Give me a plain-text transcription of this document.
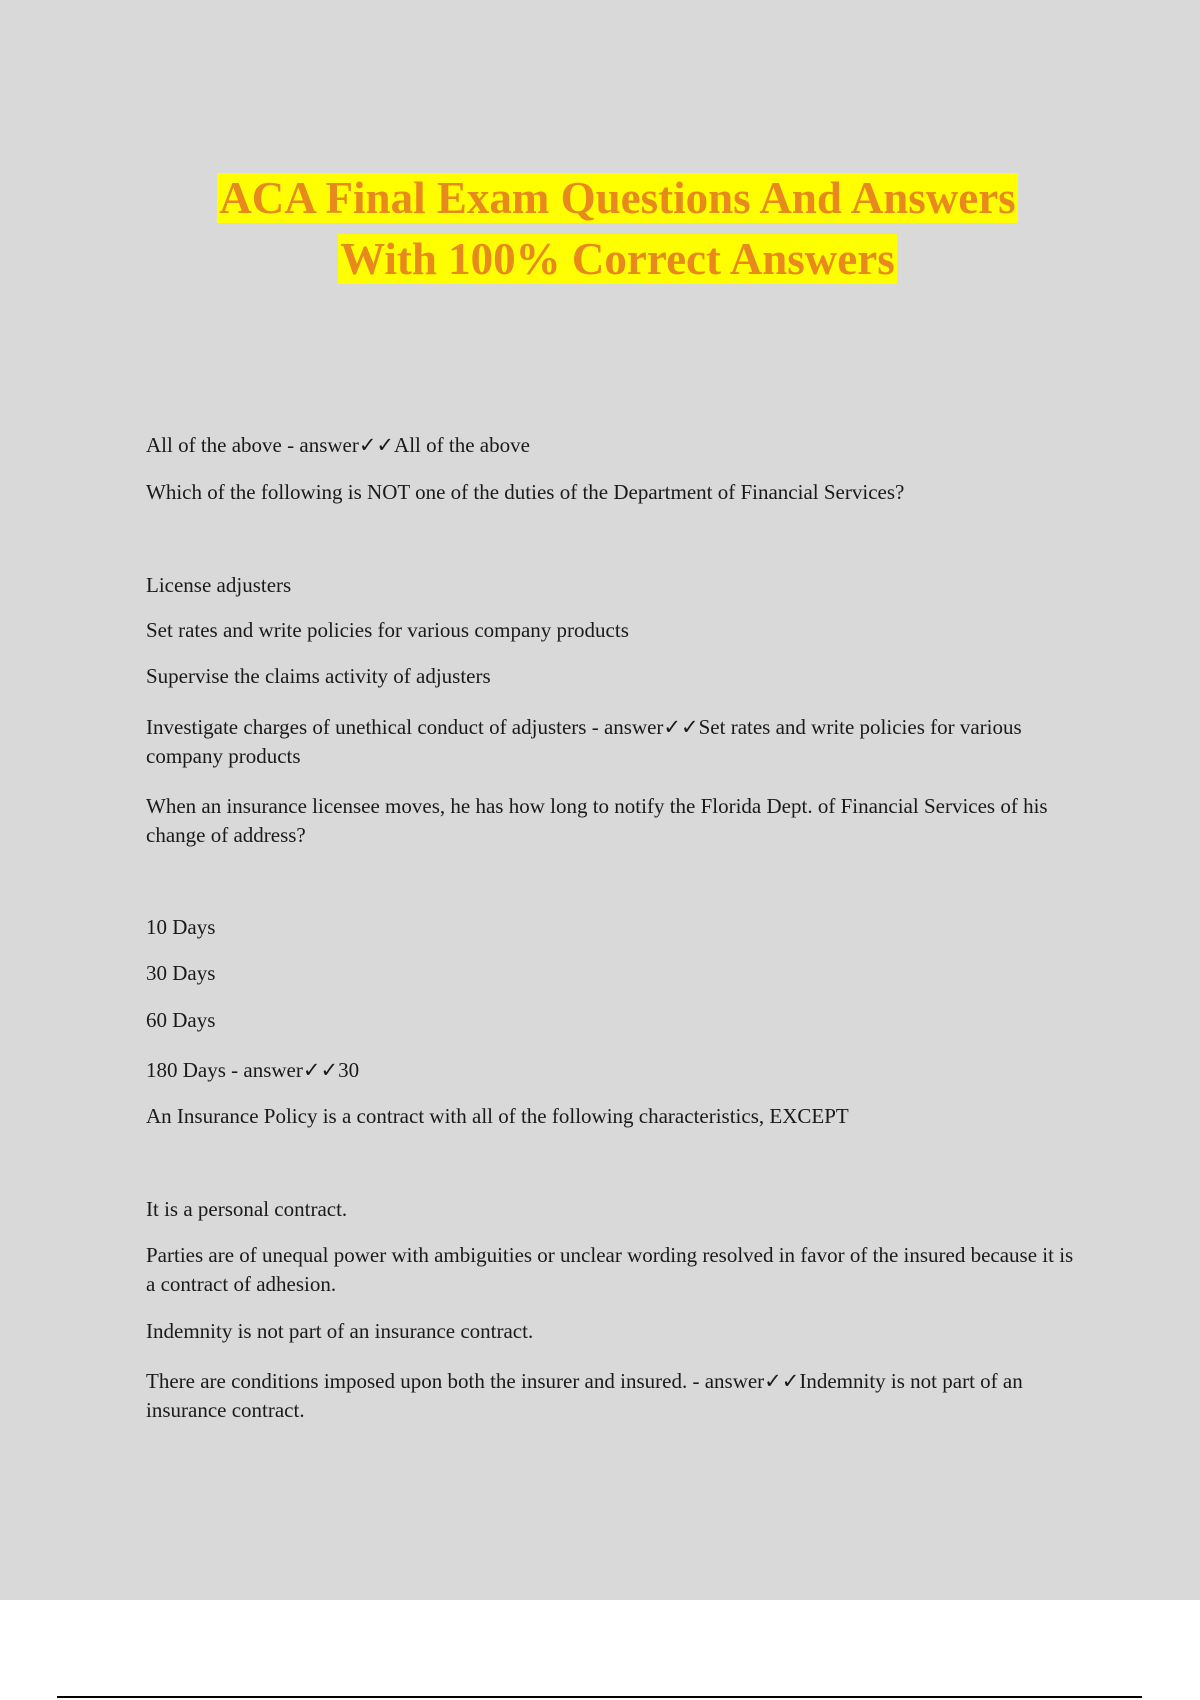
ACA Final Exam Questions And Answers
With 100% Correct Answers

All of the above - answer✓✓All of the above

Which of the following is NOT one of the duties of the Department of Financial Services?

License adjusters

Set rates and write policies for various company products

Supervise the claims activity of adjusters

Investigate charges of unethical conduct of adjusters - answer✓✓Set rates and write policies for various company products

When an insurance licensee moves, he has how long to notify the Florida Dept. of Financial Services of his change of address?

10 Days

30 Days

60 Days

180 Days - answer✓✓30

An Insurance Policy is a contract with all of the following characteristics, EXCEPT

It is a personal contract.

Parties are of unequal power with ambiguities or unclear wording resolved in favor of the insured because it is a contract of adhesion.

Indemnity is not part of an insurance contract.

There are conditions imposed upon both the insurer and insured. - answer✓✓Indemnity is not part of an insurance contract.
